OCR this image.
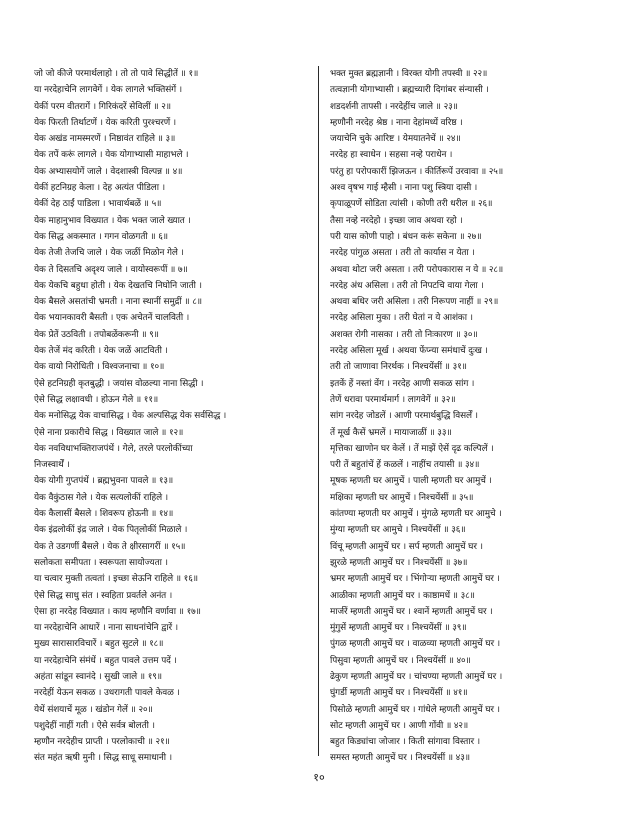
जो जो कीजे परमार्थलाहो । तो तो पावे सिद्धीतें ॥ १॥
या नरदेहाचेनि लागवेगें । येक लागले भक्तिसंगें ।
येकीं परम वीतरागें । गिरिकंदरें सेविलीं ॥ २॥
येक फिरती तिर्थाटणें । येक करिती पुरश्चरणें ।
येक अखंड नामस्मरणें । निष्ठावंत राहिले ॥ ३॥
येक तपें करूं लागले । येक योगाभ्यासी माहाभले ।
येक अभ्यासयोगें जाले । वेदशास्त्री विल्पन्न ॥ ४॥
येकीं हटनिग्रह केला । देह अत्यंत पीडिला ।
येकीं देह ठाईं पाडिला । भावार्थबळें ॥ ५॥
येक माहानुभाव विख्यात । येक भक्त जाले ख्यात ।
येक सिद्ध अकस्मात । गगन वोळगती ॥ ६॥
येक तेजी तेजचि जाले । येक जळीं मिळोन गेले ।
येक ते दिसतचि अदृश्य जाले । वायोस्वरूपीं ॥ ७॥
येक येकचि बहुधा होती । येक देखतचि निघोनि जाती ।
येक बैसले असतांची भ्रमती । नाना स्थानीं समुद्रीं ॥ ८॥
येक भयानकावरी बैसती । एक अचेतनें चालविती ।
येक प्रेतें उठविती । तपोबळेंकरूनी ॥ ९॥
येक तेजें मंद करिती । येक जळें आटविती ।
येक वायो निरोधिती । विश्वजनाचा ॥ १०॥
ऐसे हटनिग्रही कृतबुद्धी । जयांस वोळल्या नाना सिद्धी ।
ऐसे सिद्ध लक्षावधी । होऊन गेले ॥ ११॥
येक मनोसिद्ध येक वाचासिद्ध । येक अल्पसिद्ध येक सर्वसिद्ध ।
ऐसे नाना प्रकारीचे सिद्ध । विख्यात जाले ॥ १२॥
येक नवविधाभक्तिराजपंथें । गेले, तरले परलोकींच्या
निजस्वार्थें ।
येक योगी गुप्तपंथें । ब्रह्मभुवना पावले ॥ १३॥
येक वैकुंठास गेले । येक सत्यलोकीं राहिले ।
येक कैलासीं बैसले । शिवरूप होऊनी ॥ १४॥
येक इंद्रलोकीं इंद्र जाले । येक पितृलोकीं मिळाले ।
येक ते उडगणीं बैसले । येक ते क्षीरसागरीं ॥ १५॥
सलोकता समीपता । स्वरूपता सायोज्यता ।
या चत्वार मुक्ती तत्वतां । इच्छा सेऊनि राहिले ॥ १६॥
ऐसे सिद्ध साधु संत । स्वहिता प्रवर्तले अनंत ।
ऐसा हा नरदेह विख्यात । काय म्हणौनि वर्णावा ॥ १७॥
या नरदेहाचेनि आधारें । नाना साधनांचेनि द्वारें ।
मुख्य सारासारविचारें । बहुत सुटले ॥ १८॥
या नरदेहाचेनि संमंधें । बहुत पावले उत्तम पदें ।
अहंता सांडून स्वानंदे । सुखी जाले ॥ १९॥
नरदेहीं येऊन सकळ । उधरागती पावले केवळ ।
येथें संशयाचें मूळ । खंडोन गेलें ॥ २०॥
पशुदेहीं नाहीं गती । ऐसे सर्वत्र बोलती ।
म्हणौन नरदेहीच प्राप्ती । परलोकाची ॥ २१॥
संत महंत ऋषी मुनी । सिद्ध साधू समाधानी ।
भक्त मुक्त ब्रह्मज्ञानी । विरक्त योगी तपस्वी ॥ २२॥
तत्वज्ञानी योगाभ्यासी । ब्रह्मच्यारी दिगांबर संन्यासी ।
शडदर्शनी तापसी । नरदेहींच जाले ॥ २३॥
म्हणौनी नरदेह श्रेष्ठ । नाना देहांमध्यें वरिष्ठ ।
जयाचेनि चुके आरिष्ट । येमयातनेचें ॥ २४॥
नरदेह हा स्वाधेन । सहसा नव्हे पराधेन ।
परंतु हा परोपकारीं झिजऊन । कीर्तिरूपें उरवावा ॥ २५॥
अश्व वृषभ गाई म्हैसी । नाना पशु स्त्रिया दासी ।
कृपाळूपणें सोडिता त्यांसी । कोणी तरी धरील ॥ २६॥
तैसा नव्हे नरदेहो । इच्छा जाव अथवा रहो ।
परी यास कोणी पाहो । बंधन करूं सकेना ॥ २७॥
नरदेह पांगुळ असता । तरी तो कार्यास न येता ।
अथवा थोटा जरी असता । तरी परोपकारास न ये ॥ २८॥
नरदेह अंध असिला । तरी तो निपटचि वाया गेला ।
अथवा बधिर जरी असिला । तरी निरूपण नाहीं ॥ २९॥
नरदेह असिला मुका । तरी घेतां न ये आशंका ।
अशक्त रोगी नासका । तरी तो निःकारण ॥ ३०॥
नरदेह असिला मूर्ख । अथवा फेंप्न्या समंधाचें दुःख ।
तरी तो जाणावा निरर्थक । निश्चयेंसीं ॥ ३१॥
इतकें हें नस्तां वेंग । नरदेह आणी सकळ सांग ।
तेणें धरावा परमार्थमार्ग । लागवेगें ॥ ३२॥
सांग नरदेह जोडलें । आणी परमार्थबुद्धि विसर्लें ।
तें मूर्ख कैसें भ्रमलें । मायाजाळीं ॥ ३३॥
मृत्तिका खाणोन घर केलें । तें माझें ऐसें दृढ कल्पिलें ।
परी तें बहुतांचें हें कळलें । नाहींच तयासी ॥ ३४॥
मूषक म्हणती घर आमुचें । पाली म्हणती घर आमुचें ।
मक्षिका म्हणती घर आमुचें । निश्चयेंसीं ॥ ३५॥
कांतण्या म्हणती घर आमुचें । मुंगळे म्हणती घर आमुचे ।
मुंग्या म्हणती घर आमुचे । निश्चयेंसीं ॥ ३६॥
विंचू म्हणती आमुचें घर । सर्प म्हणती आमुचें घर ।
झुरळे म्हणती आमुचें घर । निश्चयेंसीं ॥ ३७॥
भ्रमर म्हणती आमुचें घर । भिंगोर्‍या म्हणती आमुचें घर ।
आळीका म्हणती आमुचें घर । काष्ठामधें ॥ ३८॥
मार्जरें म्हणती आमुचें घर । श्वानें म्हणती आमुचें घर ।
मुंगुसें म्हणती आमुचें घर । निश्चयेंसीं ॥ ३९॥
पुंगळ म्हणती आमुचें घर । वाळव्या म्हणती आमुचें घर ।
पिसुवा म्हणती आमुचें घर । निश्चयेंसीं ॥ ४०॥
ढेकुण म्हणती आमुचें घर । चांचण्या म्हणती आमुचें घर ।
घुंगर्डी म्हणती आमुचें घर । निश्चयेंसीं ॥ ४१॥
पिसोळे म्हणती आमुचें घर । गांधेले म्हणती आमुचें घर ।
सोट म्हणती आमुचें घर । आणी गोंवी ॥ ४२॥
बहुत किड्यांचा जोजार । किती सांगावा विस्तार ।
समस्त म्हणती आमुचें घर । निश्चयेंसीं ॥ ४३॥
१०
